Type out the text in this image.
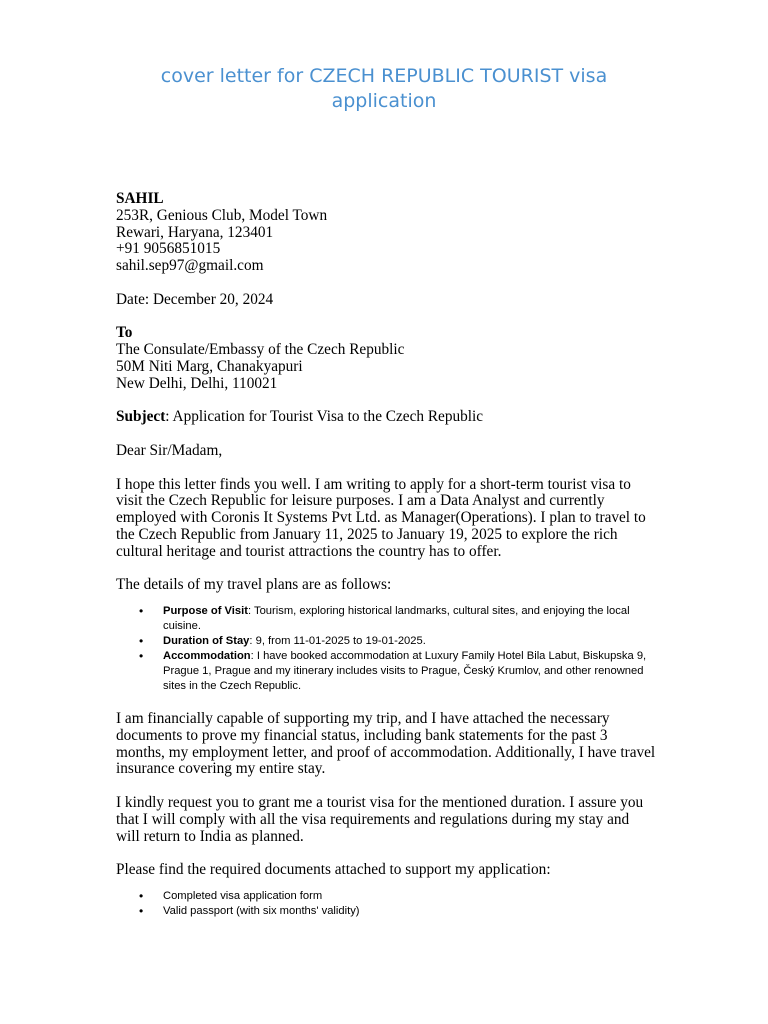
cover letter for CZECH REPUBLIC TOURIST visa application

SAHIL

253R, Genious Club, Model Town

Rewari, Haryana, 123401

+91 9056851015

sahil.sep97@gmail.com

Date: December 20, 2024

To

The Consulate/Embassy of the Czech Republic

50M Niti Marg, Chanakyapuri

New Delhi, Delhi, 110021

Subject: Application for Tourist Visa to the Czech Republic

Dear Sir/Madam,

I hope this letter finds you well. I am writing to apply for a short-term tourist visa to visit the Czech Republic for leisure purposes. I am a Data Analyst and currently employed with Coronis It Systems Pvt Ltd. as Manager(Operations). I plan to travel to the Czech Republic from January 11, 2025 to January 19, 2025 to explore the rich cultural heritage and tourist attractions the country has to offer.

The details of my travel plans are as follows:

• Purpose of Visit: Tourism, exploring historical landmarks, cultural sites, and enjoying the local cuisine.
• Duration of Stay: 9, from 11-01-2025 to 19-01-2025.
• Accommodation: I have booked accommodation at Luxury Family Hotel Bila Labut, Biskupska 9, Prague 1, Prague and my itinerary includes visits to Prague, Český Krumlov, and other renowned sites in the Czech Republic.

I am financially capable of supporting my trip, and I have attached the necessary documents to prove my financial status, including bank statements for the past 3 months, my employment letter, and proof of accommodation. Additionally, I have travel insurance covering my entire stay.

I kindly request you to grant me a tourist visa for the mentioned duration. I assure you that I will comply with all the visa requirements and regulations during my stay and will return to India as planned.

Please find the required documents attached to support my application:

• Completed visa application form
• Valid passport (with six months' validity)
